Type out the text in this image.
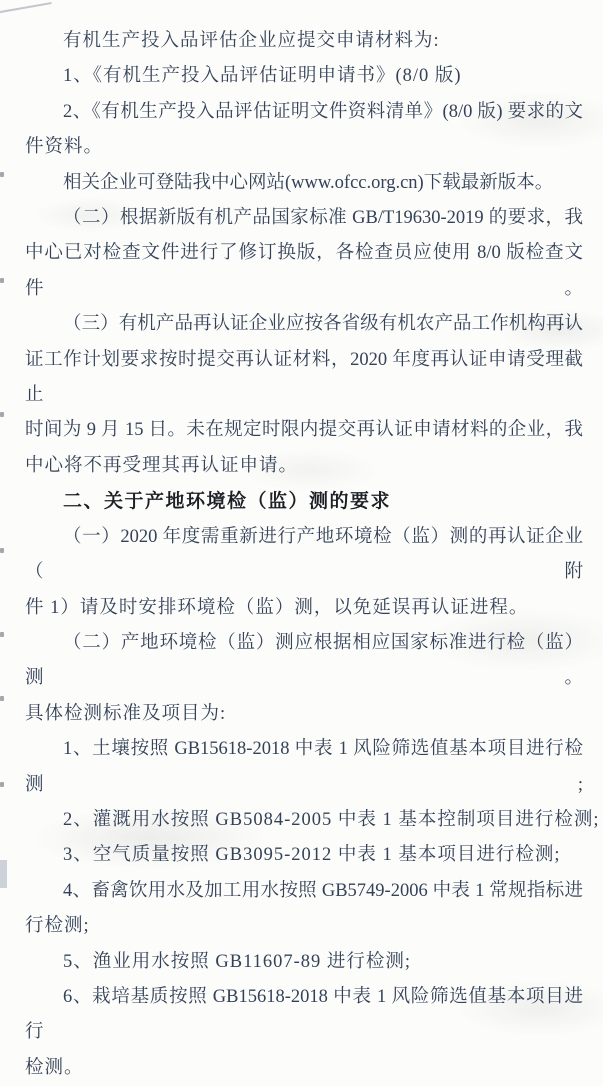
有机生产投入品评估企业应提交申请材料为:
1、《有机生产投入品评估证明申请书》(8/0 版)
2、《有机生产投入品评估证明文件资料清单》(8/0 版) 要求的文
件资料。
相关企业可登陆我中心网站(www.ofcc.org.cn)下载最新版本。
（二）根据新版有机产品国家标准 GB/T19630-2019 的要求，我
中心已对检查文件进行了修订换版，各检查员应使用 8/0 版检查文件。
（三）有机产品再认证企业应按各省级有机农产品工作机构再认
证工作计划要求按时提交再认证材料，2020 年度再认证申请受理截止
时间为 9 月 15 日。未在规定时限内提交再认证申请材料的企业，我
中心将不再受理其再认证申请。
二、关于产地环境检（监）测的要求
（一）2020 年度需重新进行产地环境检（监）测的再认证企业（附
件 1）请及时安排环境检（监）测，以免延误再认证进程。
（二）产地环境检（监）测应根据相应国家标准进行检（监）测。
具体检测标准及项目为:
1、土壤按照 GB15618-2018 中表 1 风险筛选值基本项目进行检测;
2、灌溉用水按照 GB5084-2005 中表 1 基本控制项目进行检测;
3、空气质量按照 GB3095-2012 中表 1 基本项目进行检测;
4、畜禽饮用水及加工用水按照 GB5749-2006 中表 1 常规指标进
行检测;
5、渔业用水按照 GB11607-89 进行检测;
6、栽培基质按照 GB15618-2018 中表 1 风险筛选值基本项目进行
检测。
